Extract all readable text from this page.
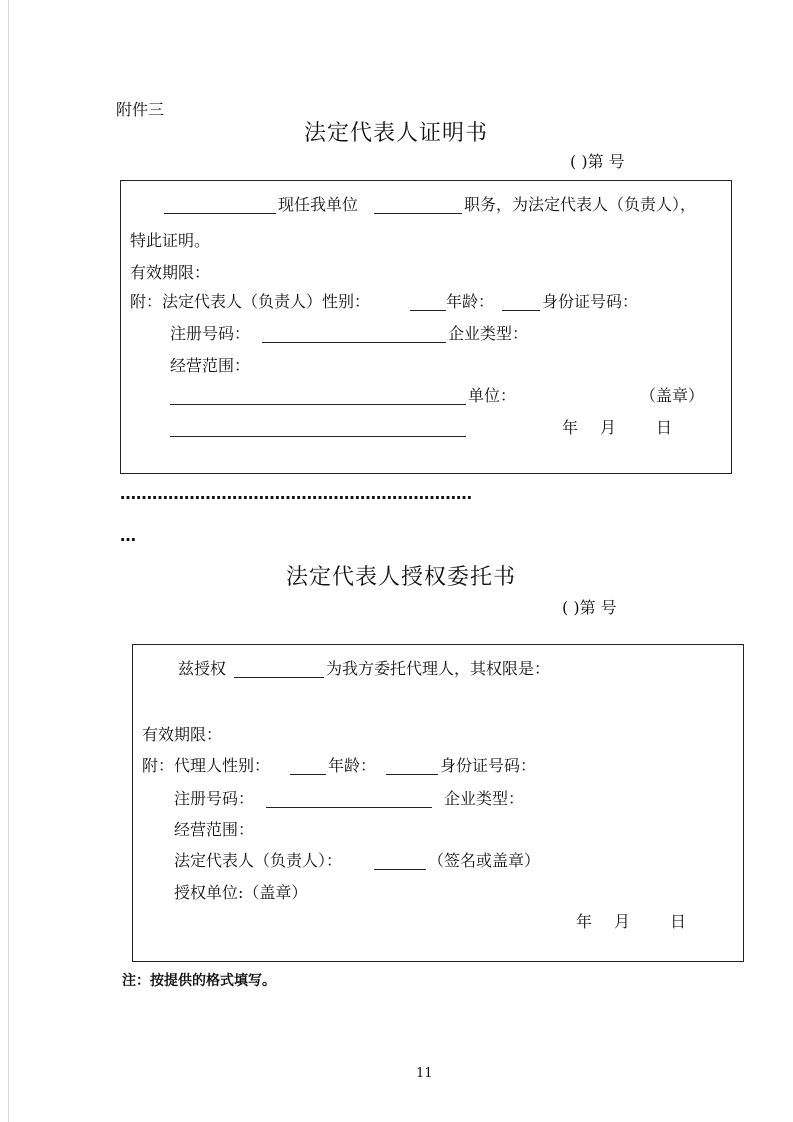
附件三
法定代表人证明书
( )第 号
现任我单位	职务，为法定代表人（负责人），
特此证明。
有效期限：
附：法定代表人（负责人）性别：	年龄：	身份证号码：
注册号码：	企业类型：
经营范围：
单位：	（盖章）
年 月 日
…………………………………………………………
…
法定代表人授权委托书
( )第 号
兹授权	为我方委托代理人，其权限是：
有效期限：
附：代理人性别：	年龄：	身份证号码：
注册号码：	企业类型：
经营范围：
法定代表人（负责人）：	（签名或盖章）
授权单位:（盖章）
年 月 日
注：按提供的格式填写。
11
